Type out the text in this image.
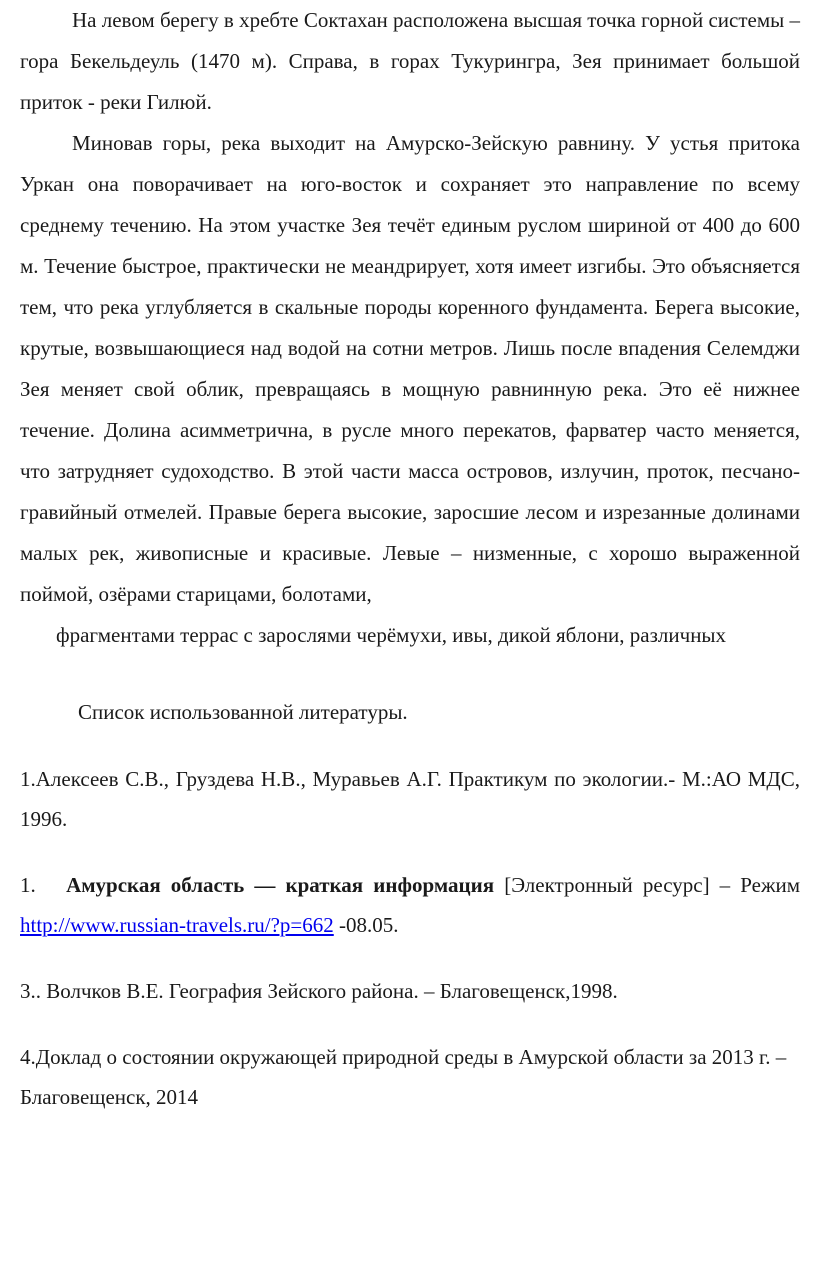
На левом берегу в хребте Соктахан расположена высшая точка горной системы – гора Бекельдеуль (1470 м). Справа, в горах Тукурингра, Зея принимает большой приток - реки Гилюй.

Миновав горы, река выходит на Амурско-Зейскую равнину. У устья притока Уркан она поворачивает на юго-восток и сохраняет это направление по всему среднему течению. На этом участке Зея течёт единым руслом шириной от 400 до 600 м. Течение быстрое, практически не меандрирует, хотя имеет изгибы. Это объясняется тем, что река углубляется в скальные породы коренного фундамента. Берега высокие, крутые, возвышающиеся над водой на сотни метров. Лишь после впадения Селемджи Зея меняет свой облик, превращаясь в мощную равнинную река. Это её нижнее течение. Долина асимметрична, в русле много перекатов, фарватер часто меняется, что затрудняет судоходство. В этой части масса островов, излучин, проток, песчано-гравийный отмелей. Правые берега высокие, заросшие лесом и изрезанные долинами малых рек, живописные и красивые. Левые – низменные, с хорошо выраженной поймой, озёрами старицами, болотами,

фрагментами террас с зарослями черёмухи, ивы, дикой яблони, различных

Список использованной литературы.

1.Алексеев С.В., Груздева Н.В., Муравьев А.Г. Практикум по экологии.- М.:АО МДС, 1996.

1. Амурская область — краткая информация [Электронный ресурс] – Режим http://www.russian-travels.ru/?p=662 -08.05.

3.. Волчков В.Е. География Зейского района. – Благовещенск,1998.

4.Доклад о состоянии окружающей природной среды в Амурской области за 2013 г. – Благовещенск, 2014
